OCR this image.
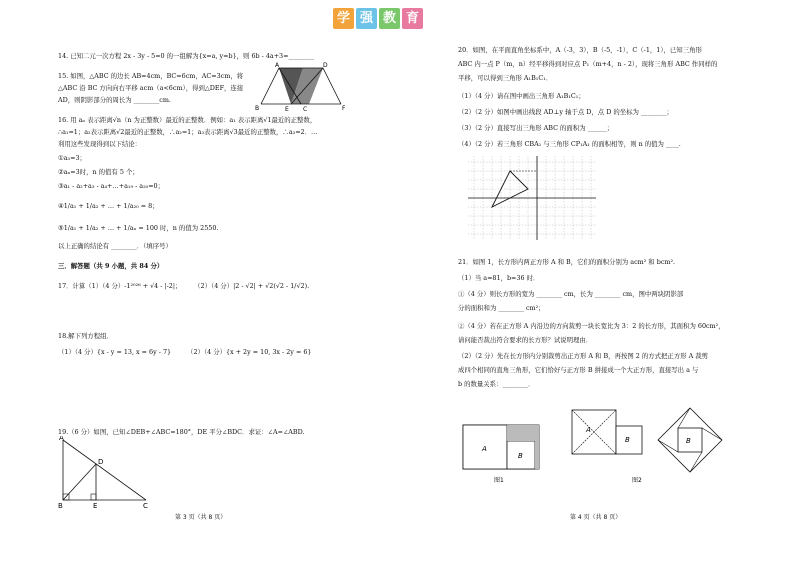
学 强 教 育
14. 已知二元一次方程 2x - 3y - 5=0 的一组解为{x=a, y=b}，则 6b - 4a+3=________
15. 如图，△ABC 的边长 AB=4cm，BC=6cm，AC=3cm，将
△ABC 沿 BC 方向向右平移 acm（a<6cm），得到△DEF，连接
AD，则阴影部分的周长为 ________cm.
A	D
B	E C	F
16. 用 aₙ 表示距离√n（n 为正整数）最近的正整数．例如：a₁ 表示距离√1最近的正整数，
∴a₁=1；a₂表示距离√2最近的正整数，∴a₂=1；a₃表示距离√3最近的正整数，∴a₃=2．…
利用这些发现得到以下结论：
①a₃=3；
②aₙ=3时，n 的值有 5 个；
③a₁ - a₂+a₃ - a₄+…+a₁₉ - a₂₀=0；
④1/a₁ + 1/a₂ + … + 1/a₂₀ = 8；
⑤1/a₁ + 1/a₂ + … + 1/aₙ = 100 时，n 的值为 2550.
以上正确的结论有 ________．（填序号）
三．解答题（共 9 小题，共 84 分）
17．计算（1）（4 分）-1²⁰²⁶ + √4 - |-2|；　　　（2）（4 分）|2 - √2| + √2(√2 - 1/√2).
18.解下列方程组．
（1）（4 分）{x - y = 13, x = 6y - 7}　　　（2）（4 分）{x + 2y = 10, 3x - 2y = 6}
19.（6 分）如图，已知∠DEB+∠ABC=180°，DE 平分∠BDC．求证：∠A=∠ABD.
A
D
B	E	C
第 3 页（共 8 页）
20．如图，在平面直角坐标系中，A（-3，3），B（-5，-1），C（-1，1），已知三角形
ABC 内一点 P（m，n）经平移得到对应点 P₁（m+4，n - 2），现将三角形 ABC 作同样的
平移，可以得到三角形 A₁B₁C₁．
（1）（4 分）请在图中画出三角形 A₁B₁C₁；
（2）（2 分）如图中画出线段 AD⊥y 轴于点 D，点 D 的坐标为 ________；
（3）（2 分）直接写出三角形 ABC 的面积为 ______；
（4）（2 分）若三角形 CBA₁ 与三角形 CP₁A₁ 的面积相等，则 n 的值为 ____.
21．如图 1，长方形内两正方形 A 和 B，它们的面积分别为 acm² 和 bcm².
（1）当 a=81，b=36 时．
①（4 分）则长方形的宽为 ________ cm，长为 ________ cm，图中两块阴影部
分的面积和为 ________ cm²；
②（4 分）若在正方形 A 内沿边的方向裁剪一块长宽比为 3：2 的长方形，其面积为 60cm²，
请问能否裁出符合要求的长方形？试说明理由．
（2）（2 分）先在长方形内分别裁剪出正方形 A 和 B，再按图 2 的方式把正方形 A 裁剪
成四个相同的直角三角形，它们恰好与正方形 B 拼接成一个大正方形，直接写出 a 与
b 的数量关系：________．
A
B
图1
A
B
图2
B
第 4 页（共 8 页）
